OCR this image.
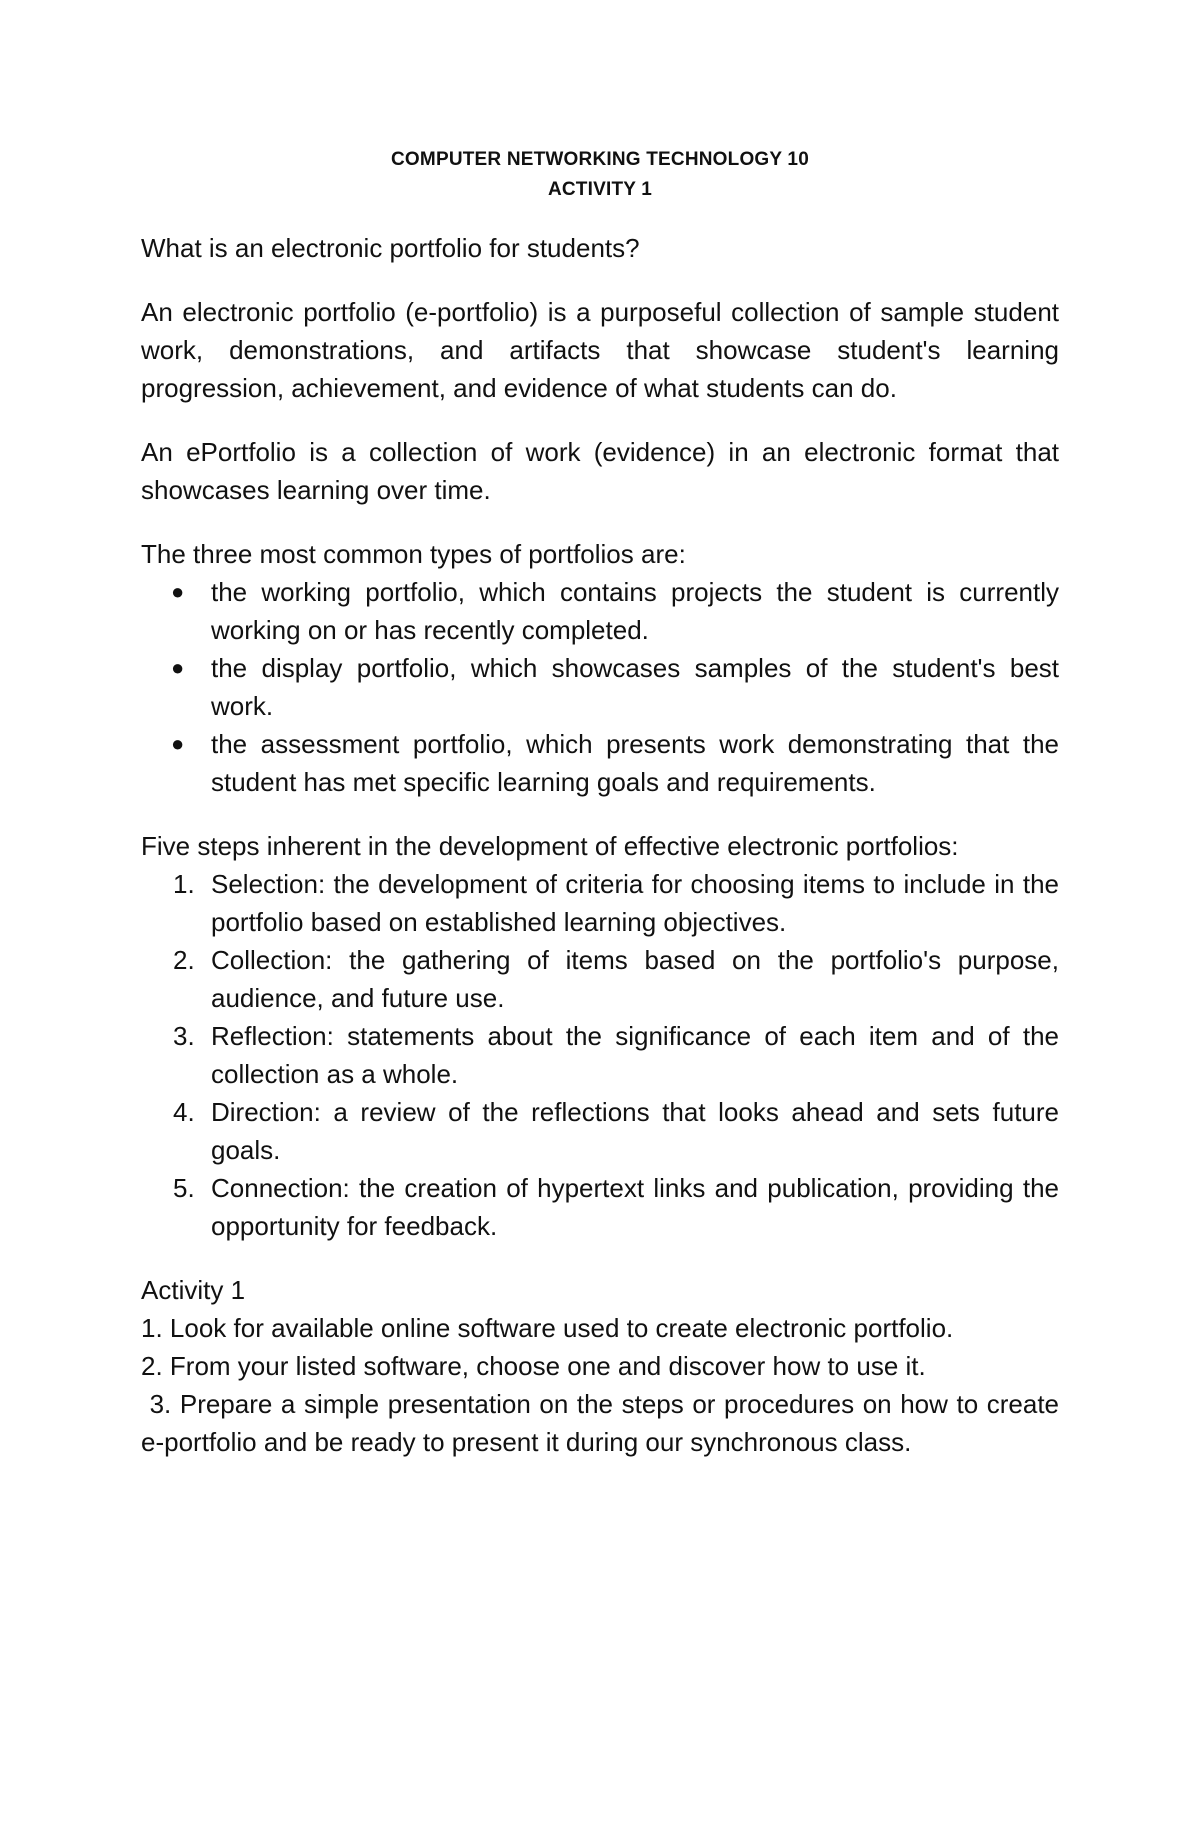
COMPUTER NETWORKING TECHNOLOGY 10
ACTIVITY 1

What is an electronic portfolio for students?

An electronic portfolio (e-portfolio) is a purposeful collection of sample student work, demonstrations, and artifacts that showcase student's learning progression, achievement, and evidence of what students can do.

An ePortfolio is a collection of work (evidence) in an electronic format that showcases learning over time.

The three most common types of portfolios are:

● the working portfolio, which contains projects the student is currently working on or has recently completed.
● the display portfolio, which showcases samples of the student's best work.
● the assessment portfolio, which presents work demonstrating that the student has met specific learning goals and requirements.

Five steps inherent in the development of effective electronic portfolios:

1. Selection: the development of criteria for choosing items to include in the portfolio based on established learning objectives.
2. Collection: the gathering of items based on the portfolio's purpose, audience, and future use.
3. Reflection: statements about the significance of each item and of the collection as a whole.
4. Direction: a review of the reflections that looks ahead and sets future goals.
5. Connection: the creation of hypertext links and publication, providing the opportunity for feedback.

Activity 1

1. Look for available online software used to create electronic portfolio.

2. From your listed software, choose one and discover how to use it.

3. Prepare a simple presentation on the steps or procedures on how to create e-portfolio and be ready to present it during our synchronous class.
